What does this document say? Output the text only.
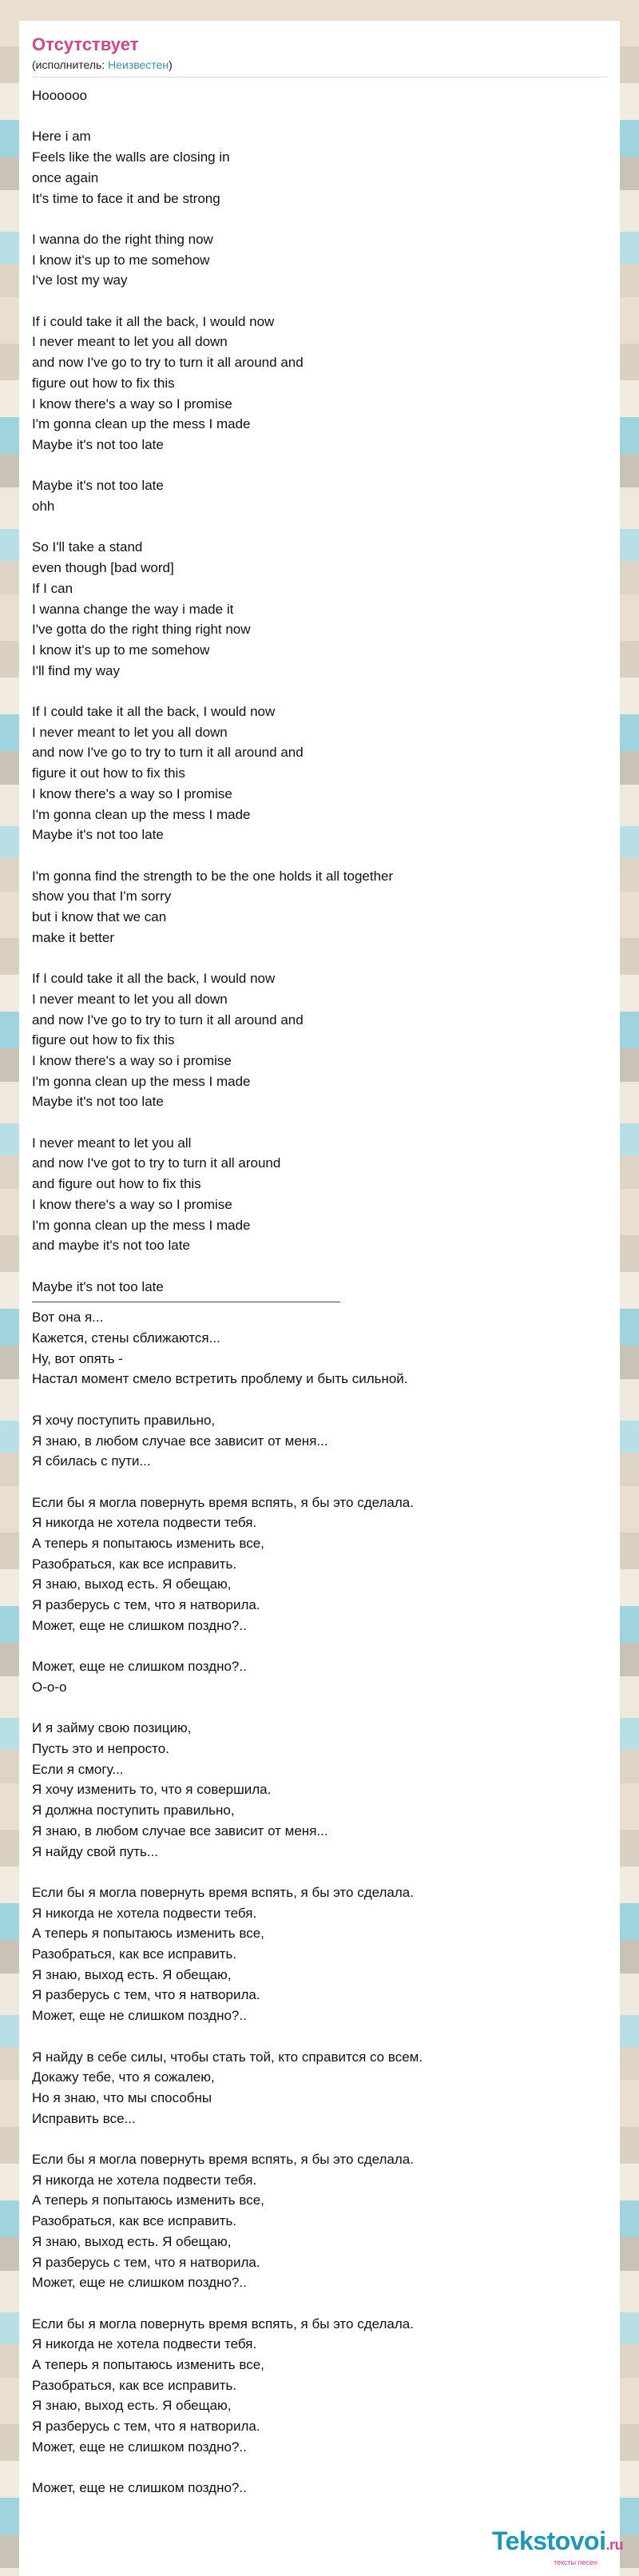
Отсутствует
(исполнитель: Неизвестен)
Hoooooo
Here i am
Feels like the walls are closing in
once again
It's time to face it and be strong
I wanna do the right thing now
I know it's up to me somehow
I've lost my way
If i could take it all the back, I would now
I never meant to let you all down
and now I've go to try to turn it all around and
figure out how to fix this
I know there's a way so I promise
I'm gonna clean up the mess I made
Maybe it's not too late
Maybe it's not too late
ohh
So I'll take a stand
even though [bad word]
If I can
I wanna change the way i made it
I've gotta do the right thing right now
I know it's up to me somehow
I'll find my way
If I could take it all the back, I would now
I never meant to let you all down
and now I've go to try to turn it all around and
figure it out how to fix this
I know there's a way so I promise
I'm gonna clean up the mess I made
Maybe it's not too late
I'm gonna find the strength to be the one holds it all together
show you that I'm sorry
but i know that we can
make it better
If I could take it all the back, I would now
I never meant to let you all down
and now I've go to try to turn it all around and
figure out how to fix this
I know there's a way so i promise
I'm gonna clean up the mess I made
Maybe it's not too late
I never meant to let you all
and now I've got to try to turn it all around
and figure out how to fix this
I know there's a way so I promise
I'm gonna clean up the mess I made
and maybe it's not too late
Maybe it's not too late
Вот она я...
Кажется, стены сближаются...
Ну, вот опять -
Настал момент смело встретить проблему и быть сильной.
Я хочу поступить правильно,
Я знаю, в любом случае все зависит от меня...
Я сбилась с пути...
Если бы я могла повернуть время вспять, я бы это сделала.
Я никогда не хотела подвести тебя.
А теперь я попытаюсь изменить все,
Разобраться, как все исправить.
Я знаю, выход есть. Я обещаю,
Я разберусь с тем, что я натворила.
Может, еще не слишком поздно?..
Может, еще не слишком поздно?..
О-о-о
И я займу свою позицию,
Пусть это и непросто.
Если я смогу...
Я хочу изменить то, что я совершила.
Я должна поступить правильно,
Я знаю, в любом случае все зависит от меня...
Я найду свой путь...
Если бы я могла повернуть время вспять, я бы это сделала.
Я никогда не хотела подвести тебя.
А теперь я попытаюсь изменить все,
Разобраться, как все исправить.
Я знаю, выход есть. Я обещаю,
Я разберусь с тем, что я натворила.
Может, еще не слишком поздно?..
Я найду в себе силы, чтобы стать той, кто справится со всем.
Докажу тебе, что я сожалею,
Но я знаю, что мы способны
Исправить все...
Если бы я могла повернуть время вспять, я бы это сделала.
Я никогда не хотела подвести тебя.
А теперь я попытаюсь изменить все,
Разобраться, как все исправить.
Я знаю, выход есть. Я обещаю,
Я разберусь с тем, что я натворила.
Может, еще не слишком поздно?..
Если бы я могла повернуть время вспять, я бы это сделала.
Я никогда не хотела подвести тебя.
А теперь я попытаюсь изменить все,
Разобраться, как все исправить.
Я знаю, выход есть. Я обещаю,
Я разберусь с тем, что я натворила.
Может, еще не слишком поздно?..
Может, еще не слишком поздно?..
Tekstovoi.ru
тексты песен
